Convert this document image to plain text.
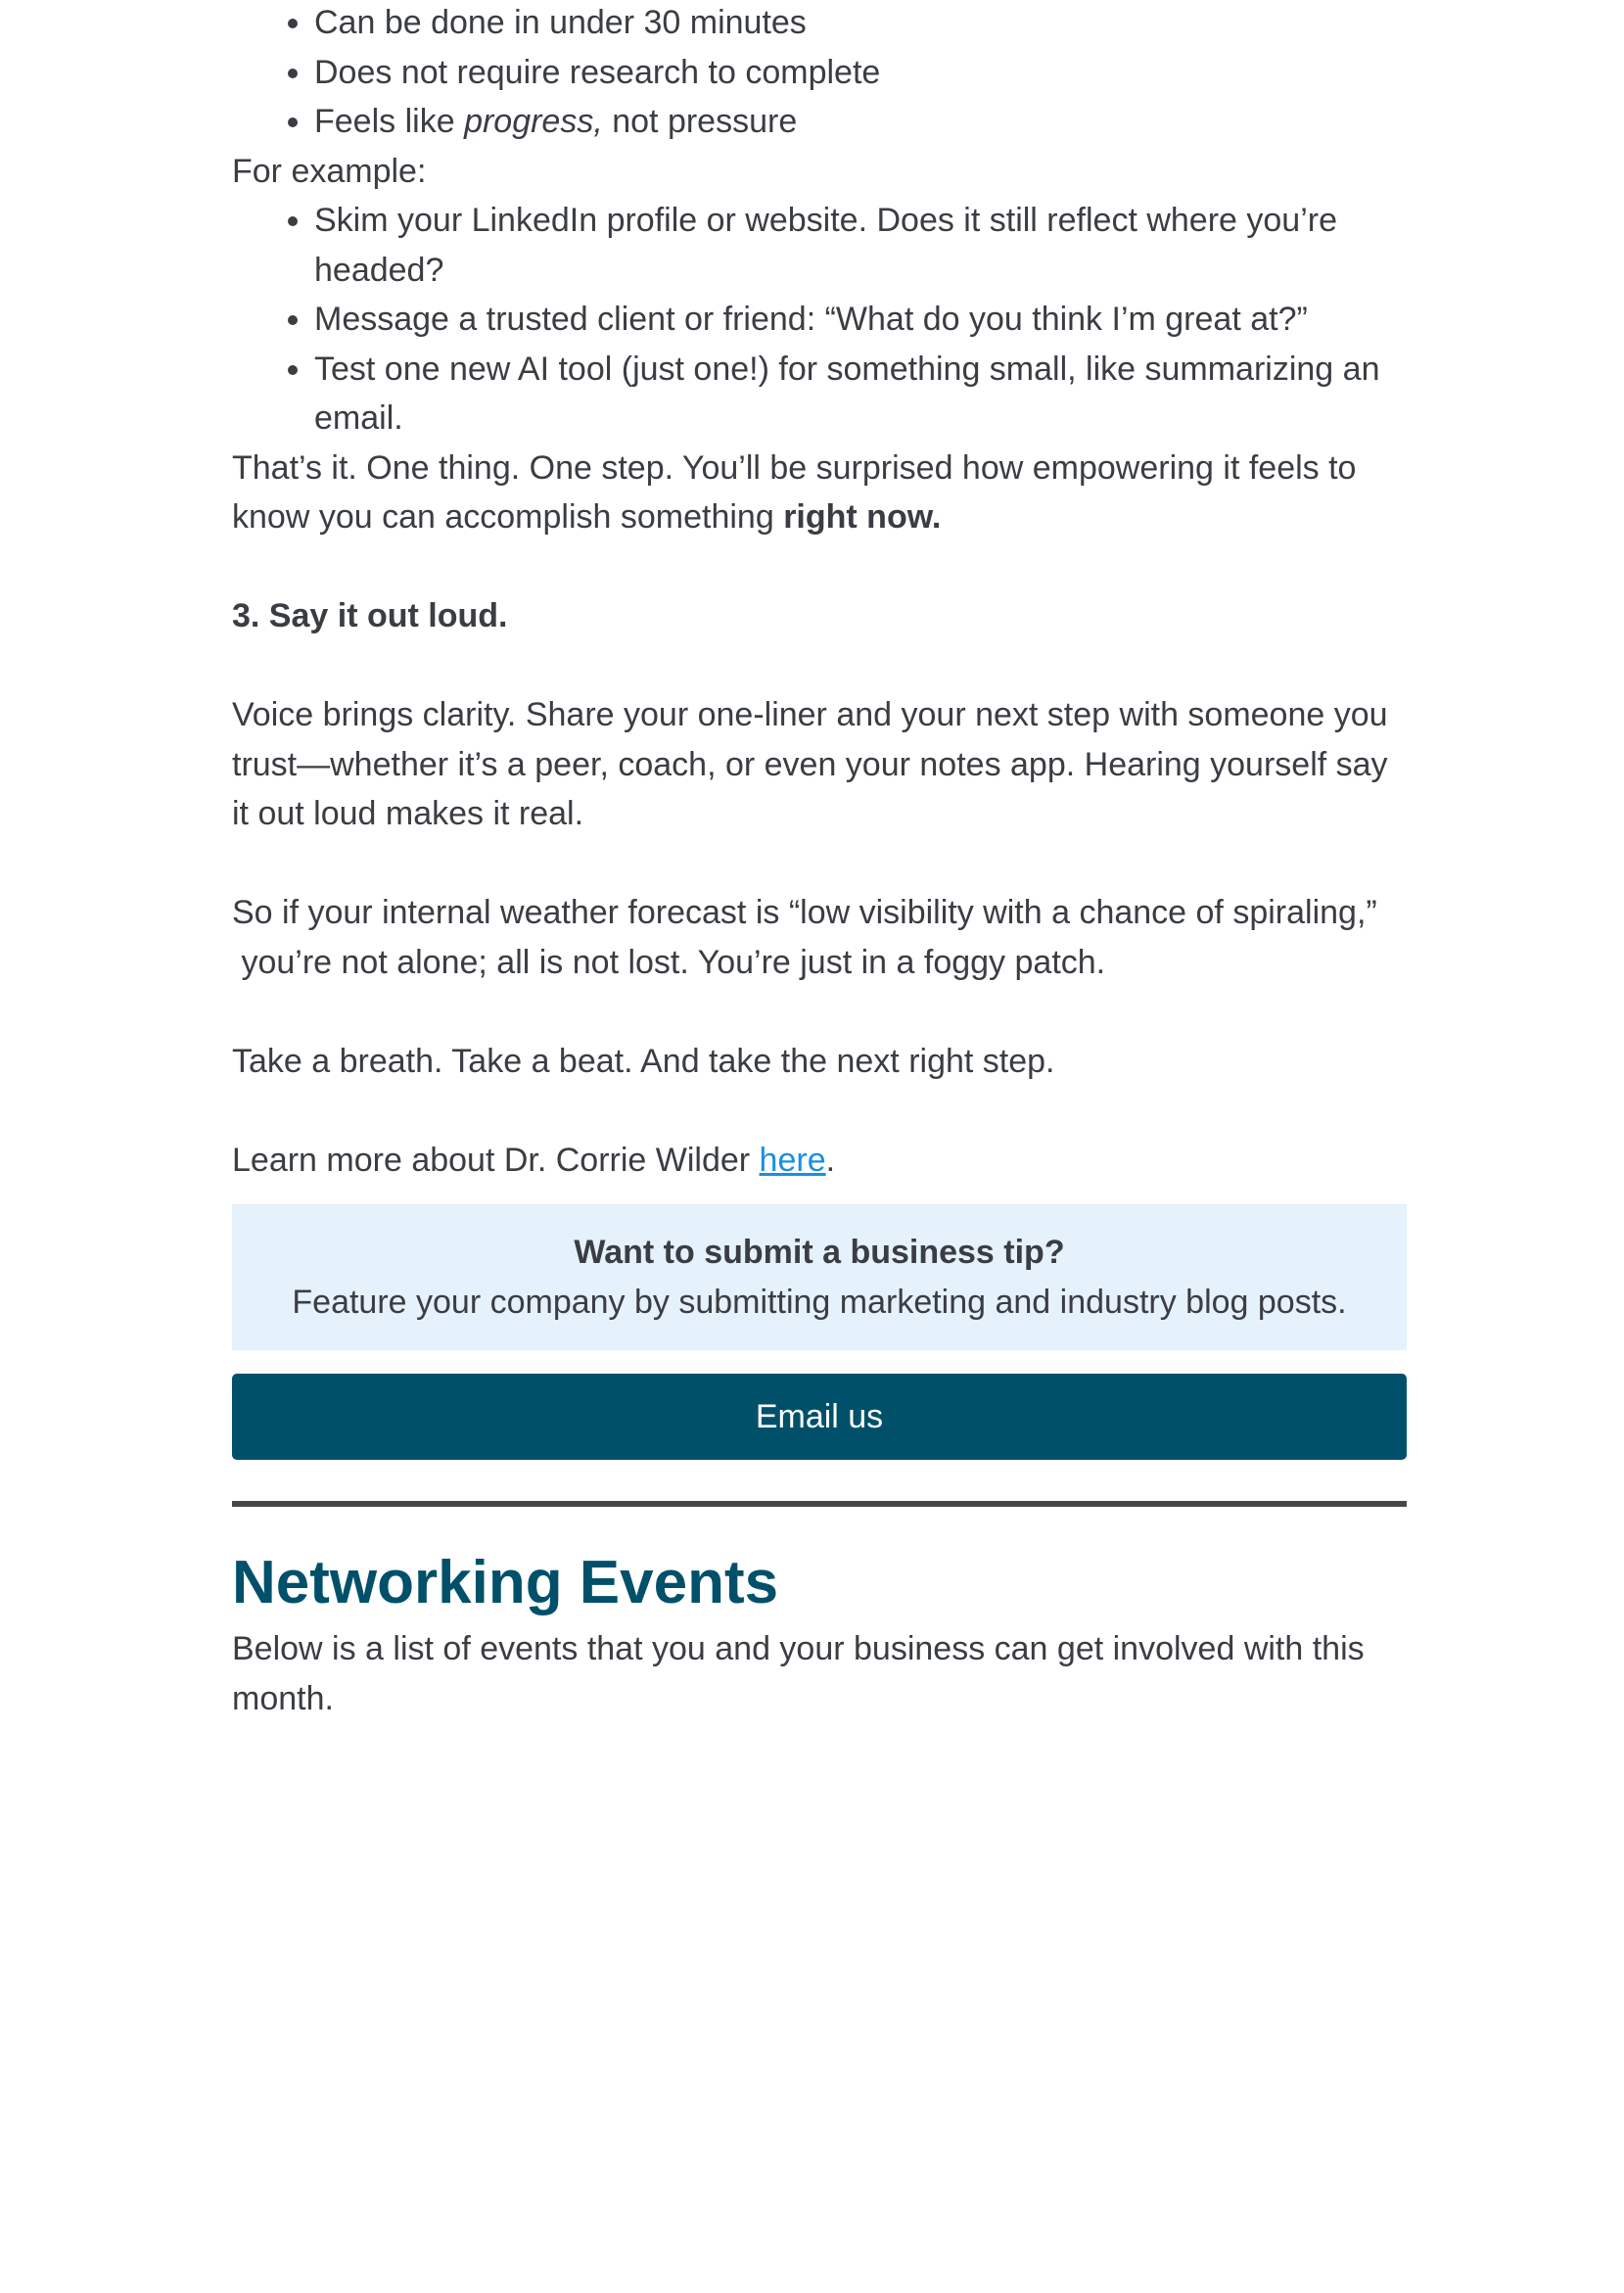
• Can be done in under 30 minutes
• Does not require research to complete
• Feels like progress, not pressure

For example:

• Skim your LinkedIn profile or website. Does it still reflect where you’re headed?
• Message a trusted client or friend: “What do you think I’m great at?”
• Test one new AI tool (just one!) for something small, like summarizing an email.

That’s it. One thing. One step. You’ll be surprised how empowering it feels to know you can accomplish something right now.

3. Say it out loud.

Voice brings clarity. Share your one-liner and your next step with someone you trust—whether it’s a peer, coach, or even your notes app. Hearing yourself say it out loud makes it real.

So if your internal weather forecast is “low visibility with a chance of spiraling,”
you’re not alone; all is not lost. You’re just in a foggy patch.

Take a breath. Take a beat. And take the next right step.

Learn more about Dr. Corrie Wilder here.

Want to submit a business tip?
Feature your company by submitting marketing and industry blog posts.
Email us
Networking Events

Below is a list of events that you and your business can get involved with this month.
